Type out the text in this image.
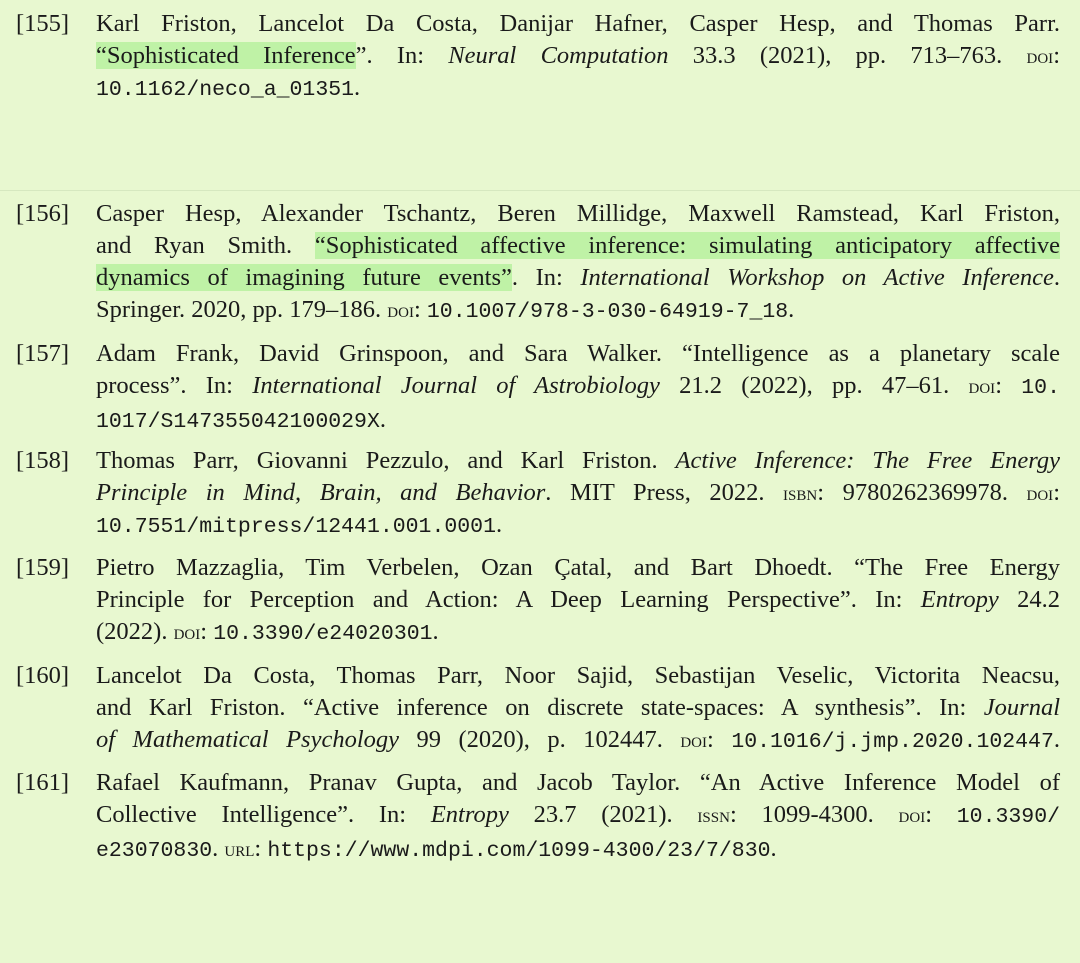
[155]	Karl Friston, Lancelot Da Costa, Danijar Hafner, Casper Hesp, and Thomas Parr.
“Sophisticated Inference”. In: Neural Computation 33.3 (2021), pp. 713–763. doi:
10.1162/neco_a_01351.
[156]	Casper Hesp, Alexander Tschantz, Beren Millidge, Maxwell Ramstead, Karl Friston,
and Ryan Smith. “Sophisticated affective inference: simulating anticipatory affective
dynamics of imagining future events”. In: International Workshop on Active Inference.
Springer. 2020, pp. 179–186. doi: 10.1007/978-3-030-64919-7_18.
[157]	Adam Frank, David Grinspoon, and Sara Walker. “Intelligence as a planetary scale
process”. In: International Journal of Astrobiology 21.2 (2022), pp. 47–61. doi: 10.
1017/S147355042100029X.
[158]	Thomas Parr, Giovanni Pezzulo, and Karl Friston. Active Inference: The Free Energy
Principle in Mind, Brain, and Behavior. MIT Press, 2022. isbn: 9780262369978. doi:
10.7551/mitpress/12441.001.0001.
[159]	Pietro Mazzaglia, Tim Verbelen, Ozan Çatal, and Bart Dhoedt. “The Free Energy
Principle for Perception and Action: A Deep Learning Perspective”. In: Entropy 24.2
(2022). doi: 10.3390/e24020301.
[160]	Lancelot Da Costa, Thomas Parr, Noor Sajid, Sebastijan Veselic, Victorita Neacsu,
and Karl Friston. “Active inference on discrete state-spaces: A synthesis”. In: Journal
of Mathematical Psychology 99 (2020), p. 102447. doi: 10.1016/j.jmp.2020.102447.
[161]	Rafael Kaufmann, Pranav Gupta, and Jacob Taylor. “An Active Inference Model of
Collective Intelligence”. In: Entropy 23.7 (2021). issn: 1099-4300. doi: 10.3390/
e23070830. url: https://www.mdpi.com/1099-4300/23/7/830.
